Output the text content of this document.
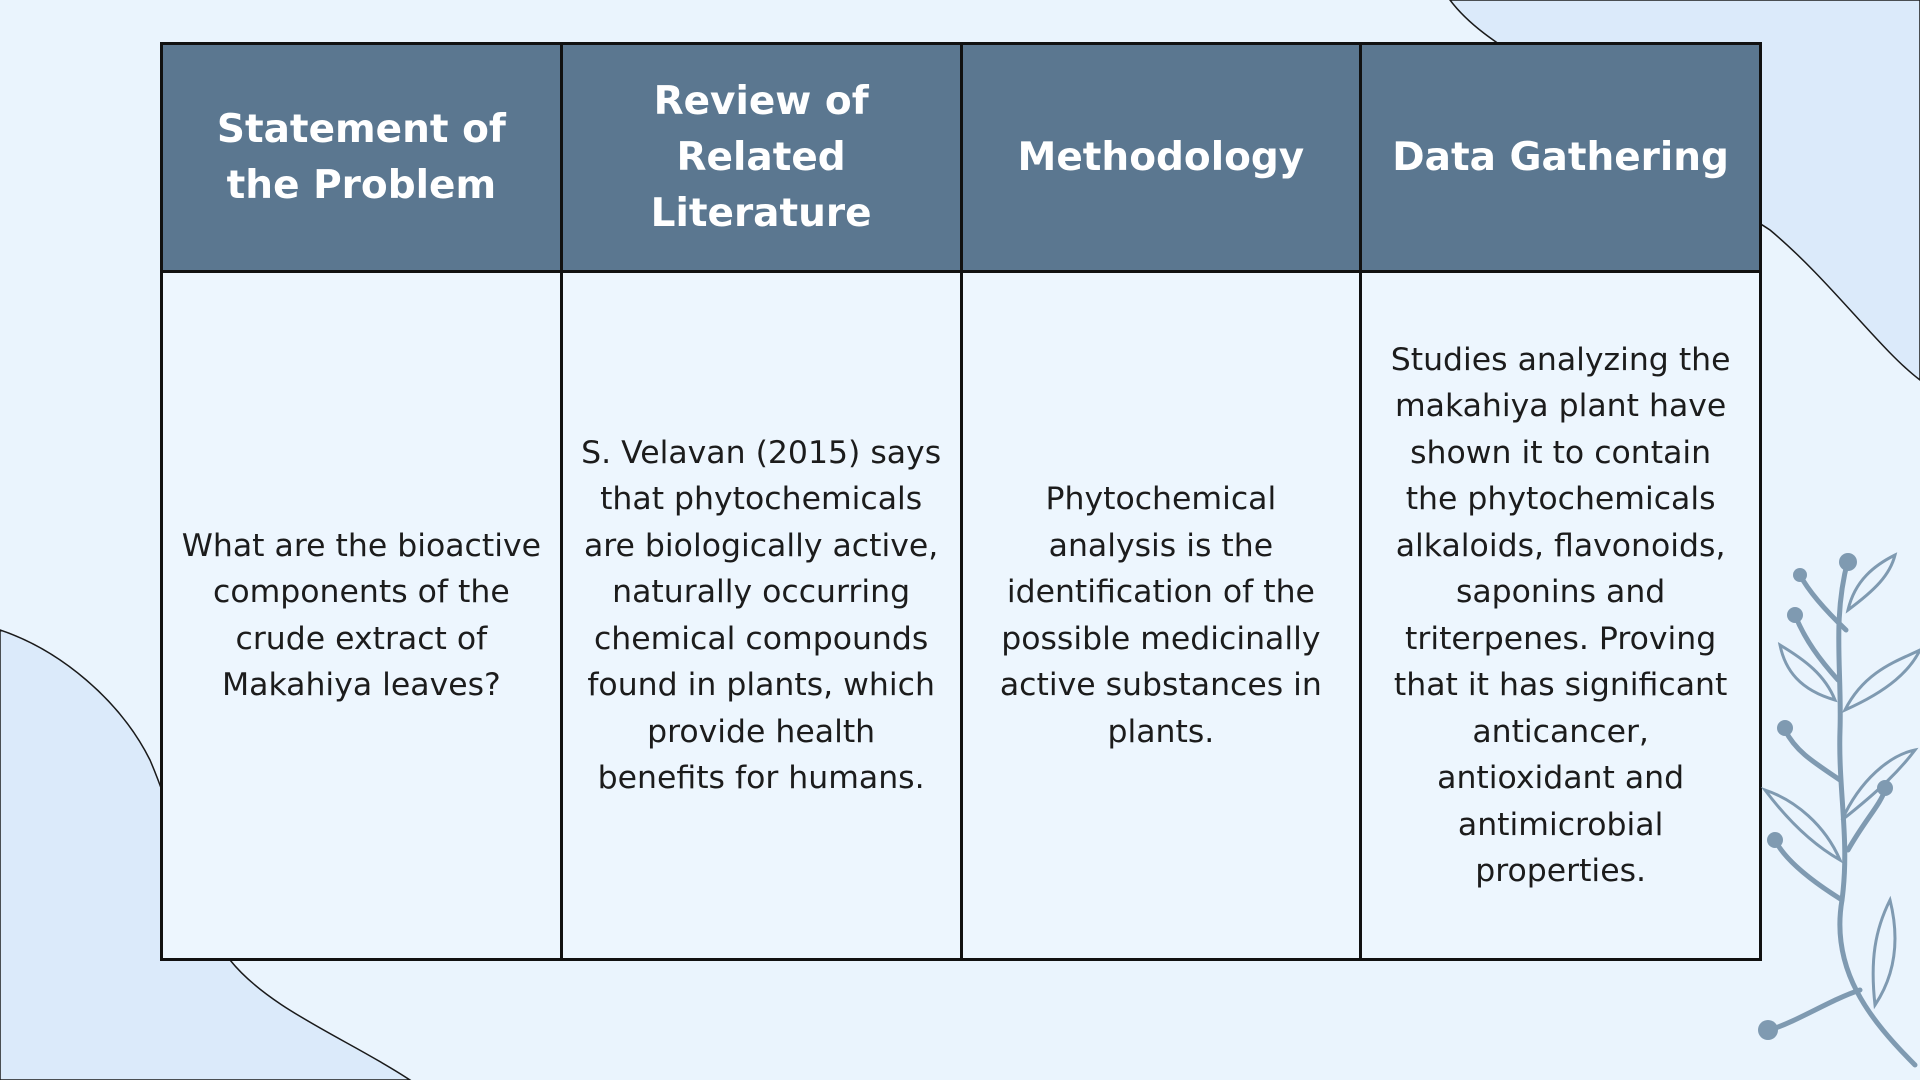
Statement of the Problem	Review of Related Literature	Methodology	Data Gathering
What are the bioactive components of the crude extract of Makahiya leaves?	S. Velavan (2015) says that phytochemicals are biologically active, naturally occurring chemical compounds found in plants, which provide health benefits for humans.	Phytochemical analysis is the identification of the possible medicinally active substances in plants.	Studies analyzing the makahiya plant have shown it to contain the phytochemicals alkaloids, flavonoids, saponins and triterpenes. Proving that it has significant anticancer, antioxidant and antimicrobial properties.
